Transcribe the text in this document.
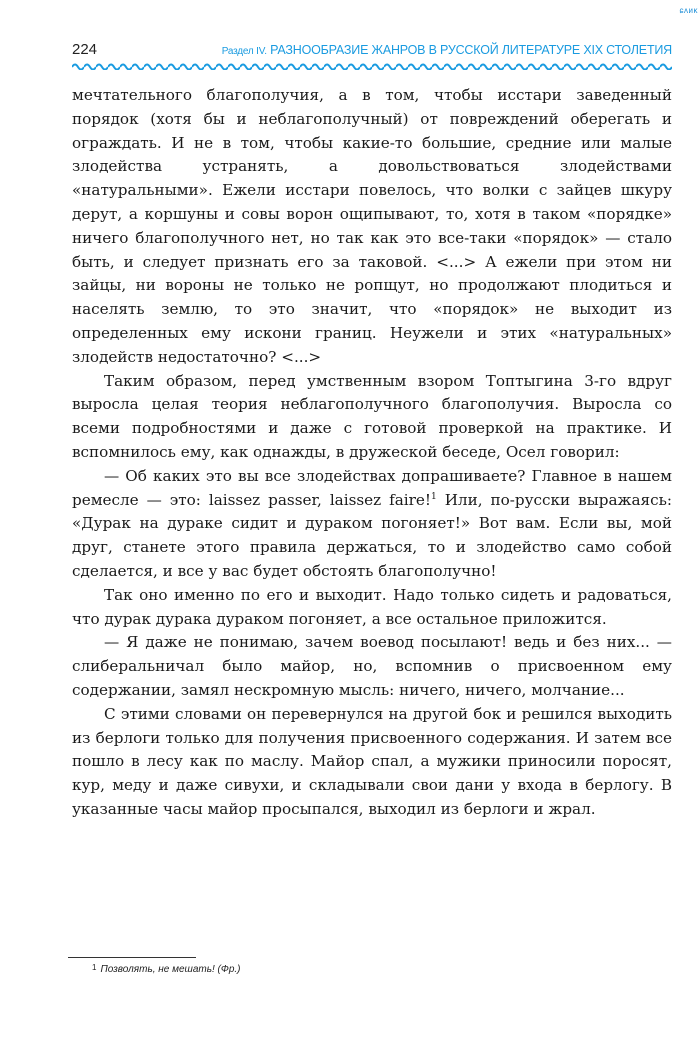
ɕᴧᴎᴋ
224	Раздел IV. РАЗНООБРАЗИЕ ЖАНРОВ В РУССКОЙ ЛИТЕРАТУРЕ XIX СТОЛЕТИЯ

мечтательного благополучия, а в том, чтобы исстари заведенный порядок (хотя бы и неблагополучный) от повреждений оберегать и ограждать. И не в том, чтобы какие-то большие, средние или малые злодейства устранять, а довольствоваться злодействами «натуральными». Ежели исстари повелось, что волки с зайцев шкуру дерут, а коршуны и совы ворон ощипывают, то, хотя в таком «порядке» ничего благополучного нет, но так как это все-таки «порядок» — стало быть, и следует признать его за таковой. <...> А ежели при этом ни зайцы, ни вороны не только не ропщут, но продолжают плодиться и населять землю, то это значит, что «порядок» не выходит из определенных ему искони границ. Неужели и этих «натуральных» злодейств недостаточно? <...>

Таким образом, перед умственным взором Топтыгина 3-го вдруг выросла целая теория неблагополучного благополучия. Выросла со всеми подробностями и даже с готовой проверкой на практике. И вспомнилось ему, как однажды, в дружеской беседе, Осел говорил:

— Об каких это вы все злодействах допрашиваете? Главное в нашем ремесле — это: laissez passer, laissez faire!$^1$ Или, по-русски выражаясь: «Дурак на дураке сидит и дураком погоняет!» Вот вам. Если вы, мой друг, станете этого правила держаться, то и злодейство само собой сделается, и все у вас будет обстоять благополучно!

Так оно именно по его и выходит. Надо только сидеть и радоваться, что дурак дурака дураком погоняет, а все остальное приложится.

— Я даже не понимаю, зачем воевод посылают! ведь и без них... — слиберальничал было майор, но, вспомнив о присвоенном ему содержании, замял нескромную мысль: ничего, ничего, молчание...

С этими словами он перевернулся на другой бок и решился выходить из берлоги только для получения присвоенного содержания. И затем все пошло в лесу как по маслу. Майор спал, а мужики приносили поросят, кур, меду и даже сивухи, и складывали свои дани у входа в берлогу. В указанные часы майор просыпался, выходил из берлоги и жрал.

$^1$ Позволять, не мешать! (Фр.)
